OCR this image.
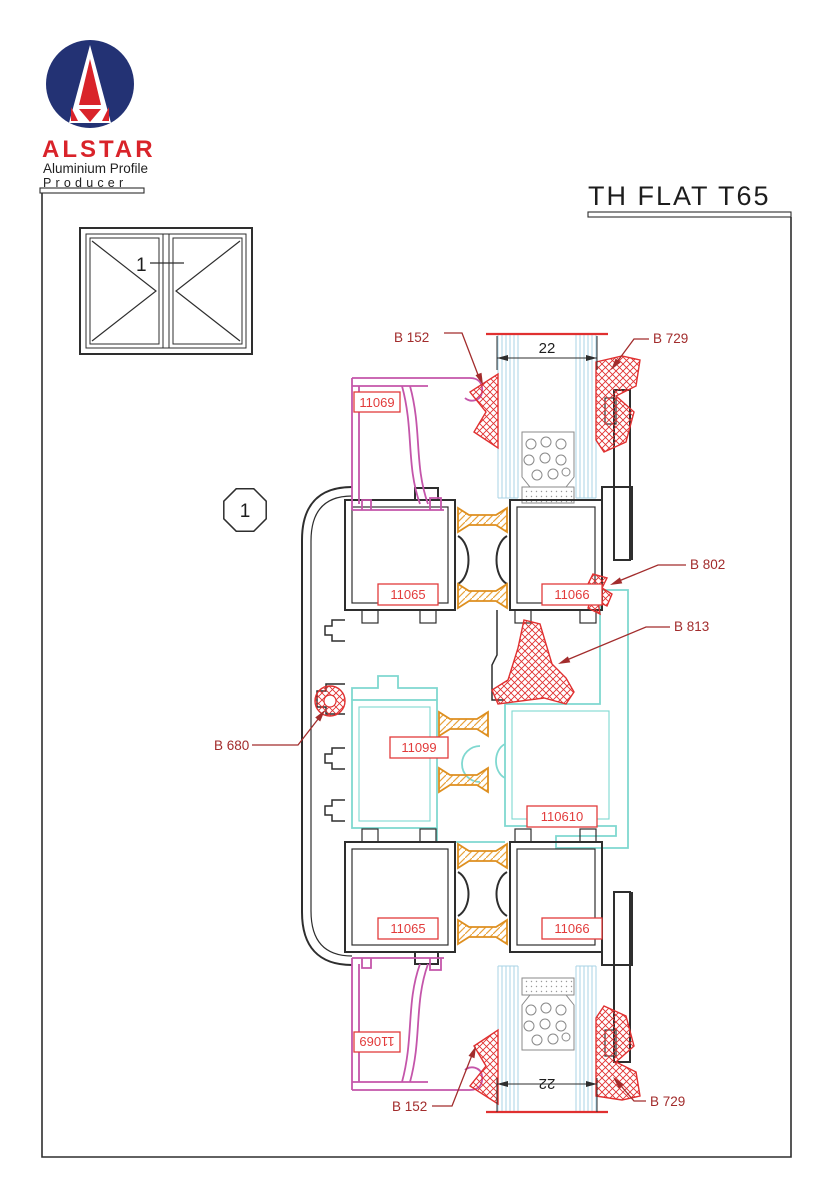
ALSTAR
Aluminium Profile
Producer	TH FLAT T65
1
1
22
22
B 152	B 729
B 802
B 813
B 680
B 152	B 729
11069
11065	11066
11099
110610
11065	11066
11069
